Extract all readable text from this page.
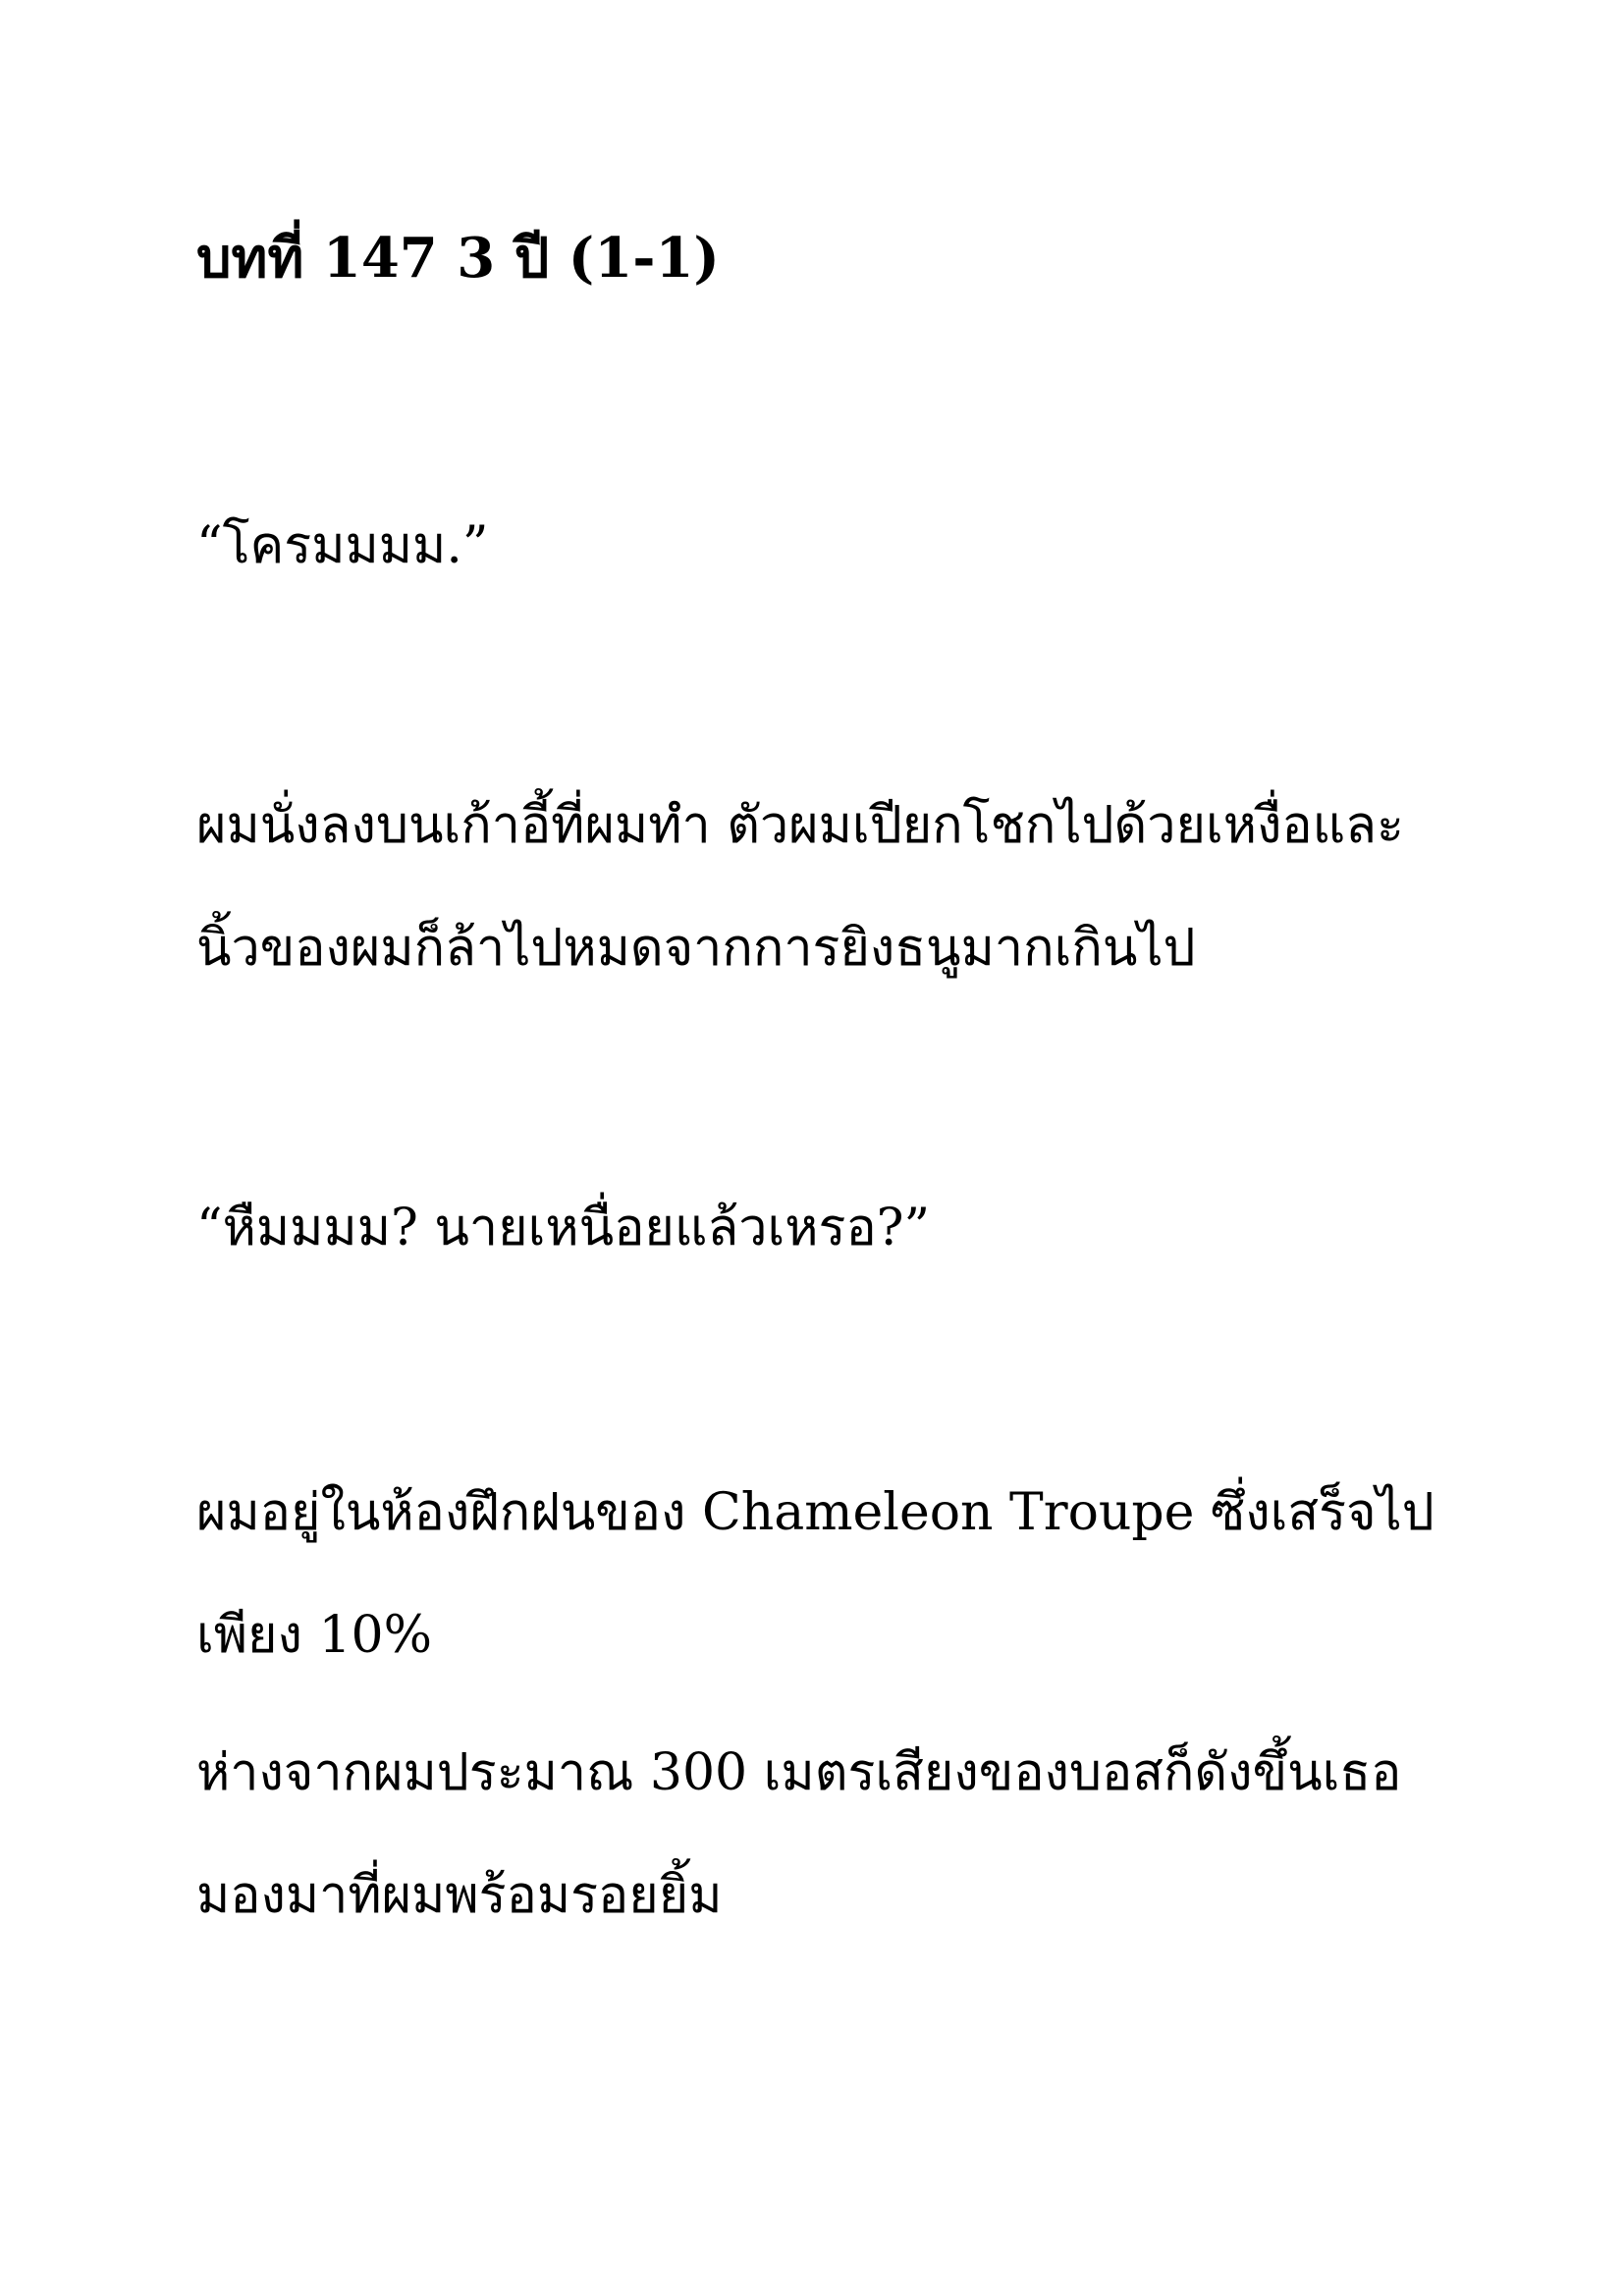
บทที่ 147 3 ปี (1-1)
“โครมมมม.”
ผมนั่งลงบนเก้าอี้ที่ผมทำ ตัวผมเปียกโชกไปด้วยเหงื่อและ
นิ้วของผมก็ล้าไปหมดจากการยิงธนูมากเกินไป
“หืมมมม? นายเหนื่อยแล้วเหรอ?”
ผมอยู่ในห้องฝึกฝนของ Chameleon Troupe ซึ่งเสร็จไป
เพียง 10%
ห่างจากผมประมาณ 300 เมตรเสียงของบอสก็ดังขึ้นเธอ
มองมาที่ผมพร้อมรอยยิ้ม
